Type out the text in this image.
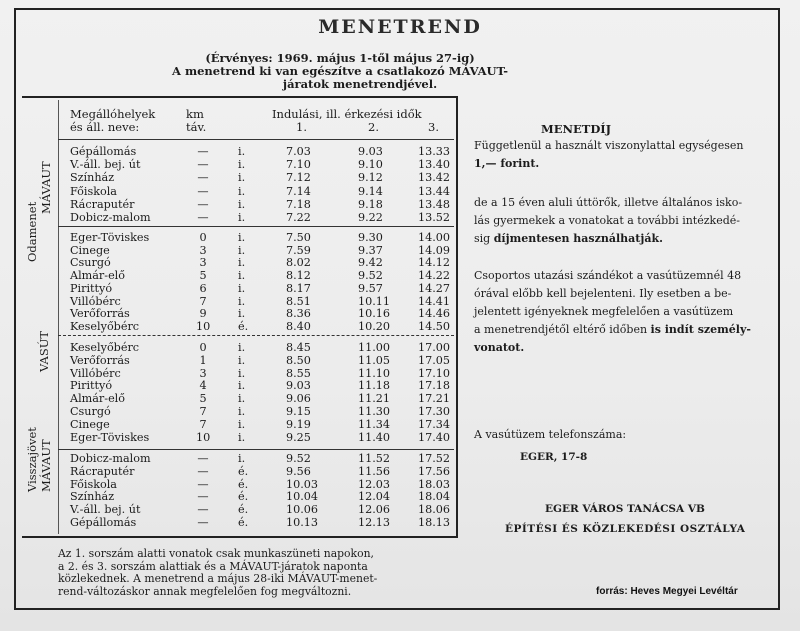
MENETREND
(Érvényes: 1969. május 1-től május 27-ig)
A menetrend ki van egészítve a csatlakozó MÁVAUT-
járatok menetrendjével.
Megállóhelyek
és áll. neve:
km
táv.
Indulási, ill. érkezési idők
1.	2.	3.
Odamenet
MÁVAUT
VASÚT
Visszajövet MÁVAUT
Gépállomás	—	i.	7.03	9.03	13.33
V.-áll. bej. út	—	i.	7.10	9.10	13.40
Színház	—	i.	7.12	9.12	13.42
Főiskola	—	i.	7.14	9.14	13.44
Rácraputér	—	i.	7.18	9.18	13.48
Dobicz-malom	—	i.	7.22	9.22	13.52
Eger-Töviskes	0	i.	7.50	9.30	14.00
Cinege	3	i.	7.59	9.37	14.09
Csurgó	3	i.	8.02	9.42	14.12
Almár-elő	5	i.	8.12	9.52	14.22
Pirittyó	6	i.	8.17	9.57	14.27
Villóbérc	7	i.	8.51	10.11 14.41
Verőforrás	9	i.	8.36	10.16 14.46
Keselyőbérc	10 é.	8.40	10.20 14.50
Keselyőbérc	0	i.	8.45	11.00 17.00
Verőforrás	1	i.	8.50	11.05 17.05
Villóbérc	3	i.	8.55	11.10 17.10
Pirittyó	4	i.	9.03	11.18 17.18
Almár-elő	5	i.	9.06	11.21 17.21
Csurgó	7	i.	9.15	11.30 17.30
Cinege	7	i.	9.19	11.34 17.34
Eger-Töviskes	10 i.	9.25	11.40 17.40
Dobicz-malom	—	i.	9.52	11.52 17.52
Rácraputér	—	é.	9.56	11.56 17.56
Főiskola	—	é.	10.03	12.03 18.03
Színház	—	é.	10.04	12.04 18.04
V.-áll. bej. út	—	é.	10.06	12.06 18.06
Gépállomás	—	é.	10.13	12.13 18.13
MENETDÍJ
Függetlenül a használt viszonylattal egységesen
1,— forint.
de a 15 éven aluli úttörők, illetve általános isko-
lás gyermekek a vonatokat a további intézkedé-
sig díjmentesen használhatják.
Csoportos utazási szándékot a vasútüzemnél 48
órával előbb kell bejelenteni. Ily esetben a be-
jelentett igényeknek megfelelően a vasútüzem
a menetrendjétől eltérő időben is indít személy-
vonatot.
A vasútüzem telefonszáma:
EGER, 17-8
EGER VÁROS TANÁCSA VB
ÉPÍTÉSI ÉS KÖZLEKEDÉSI OSZTÁLYA
Az 1. sorszám alatti vonatok csak munkaszüneti napokon,
a 2. és 3. sorszám alattiak és a MÁVAUT-járatok naponta
közlekednek. A menetrend a május 28-iki MÁVAUT-menet-
rend-változáskor annak megfelelően fog megváltozni.	forrás: Heves Megyei Levéltár
